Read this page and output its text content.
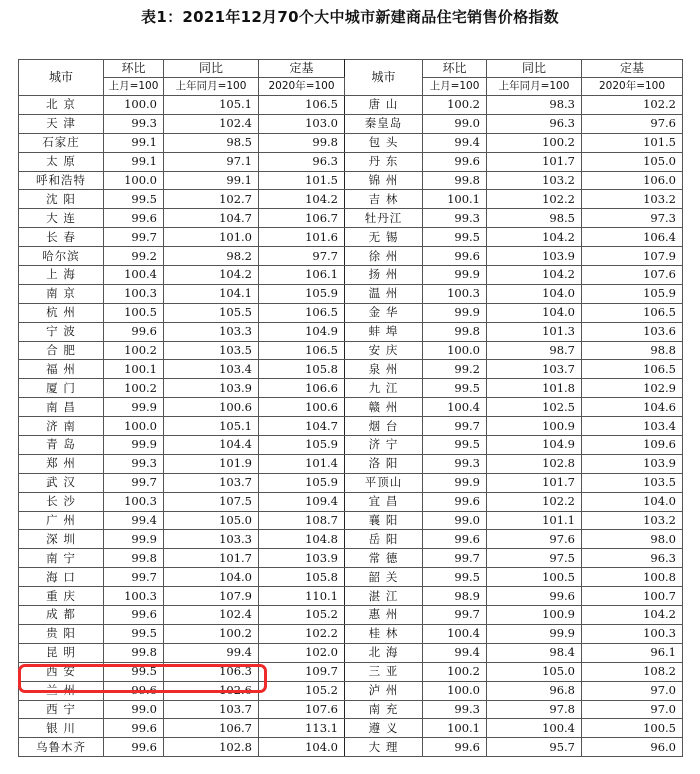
表1：2021年12月70个大中城市新建商品住宅销售价格指数
城市	环比	同比	定基	城市	环比	同比	定基
	上月=100	上年同月=100	2020年=100		上月=100	上年同月=100	2020年=100
北 京	100.0	105.1	106.5	唐 山	100.2	98.3	102.2
天 津	99.3	102.4	103.0	秦皇岛	99.0	96.3	97.6
石家庄	99.1	98.5	99.8	包 头	99.4	100.2	101.5
太 原	99.1	97.1	96.3	丹 东	99.6	101.7	105.0
呼和浩特	100.0	99.1	101.5	锦 州	99.8	103.2	106.0
沈 阳	99.5	102.7	104.2	吉 林	100.1	102.2	103.2
大 连	99.6	104.7	106.7	牡丹江	99.3	98.5	97.3
长 春	99.7	101.0	101.6	无 锡	99.5	104.2	106.4
哈尔滨	99.2	98.2	97.7	徐 州	99.6	103.9	107.9
上 海	100.4	104.2	106.1	扬 州	99.9	104.2	107.6
南 京	100.3	104.1	105.9	温 州	100.3	104.0	105.9
杭 州	100.5	105.5	106.5	金 华	99.9	104.0	106.5
宁 波	99.6	103.3	104.9	蚌 埠	99.8	101.3	103.6
合 肥	100.2	103.5	106.5	安 庆	100.0	98.7	98.8
福 州	100.1	103.4	105.8	泉 州	99.2	103.7	106.5
厦 门	100.2	103.9	106.6	九 江	99.5	101.8	102.9
南 昌	99.9	100.6	100.6	赣 州	100.4	102.5	104.6
济 南	100.0	105.1	104.7	烟 台	99.7	100.9	103.4
青 岛	99.9	104.4	105.9	济 宁	99.5	104.9	109.6
郑 州	99.3	101.9	101.4	洛 阳	99.3	102.8	103.9
武 汉	99.7	103.7	105.9	平顶山	99.9	101.7	103.5
长 沙	100.3	107.5	109.4	宜 昌	99.6	102.2	104.0
广 州	99.4	105.0	108.7	襄 阳	99.0	101.1	103.2
深 圳	99.9	103.3	104.8	岳 阳	99.6	97.6	98.0
南 宁	99.8	101.7	103.9	常 德	99.7	97.5	96.3
海 口	99.7	104.0	105.8	韶 关	99.5	100.5	100.8
重 庆	100.3	107.9	110.1	湛 江	98.9	99.6	100.7
成 都	99.6	102.4	105.2	惠 州	99.7	100.9	104.2
贵 阳	99.5	100.2	102.2	桂 林	100.4	99.9	100.3
昆 明	99.8	99.4	102.0	北 海	99.4	98.4	96.1
西 安	99.5	106.3	109.7	三 亚	100.2	105.0	108.2
兰 州	99.6	102.6	105.2	泸 州	100.0	96.8	97.0
西 宁	99.0	103.7	107.6	南 充	99.3	97.8	97.0
银 川	99.6	106.7	113.1	遵 义	100.1	100.4	100.5
乌鲁木齐	99.6	102.8	104.0	大 理	99.6	95.7	96.0
